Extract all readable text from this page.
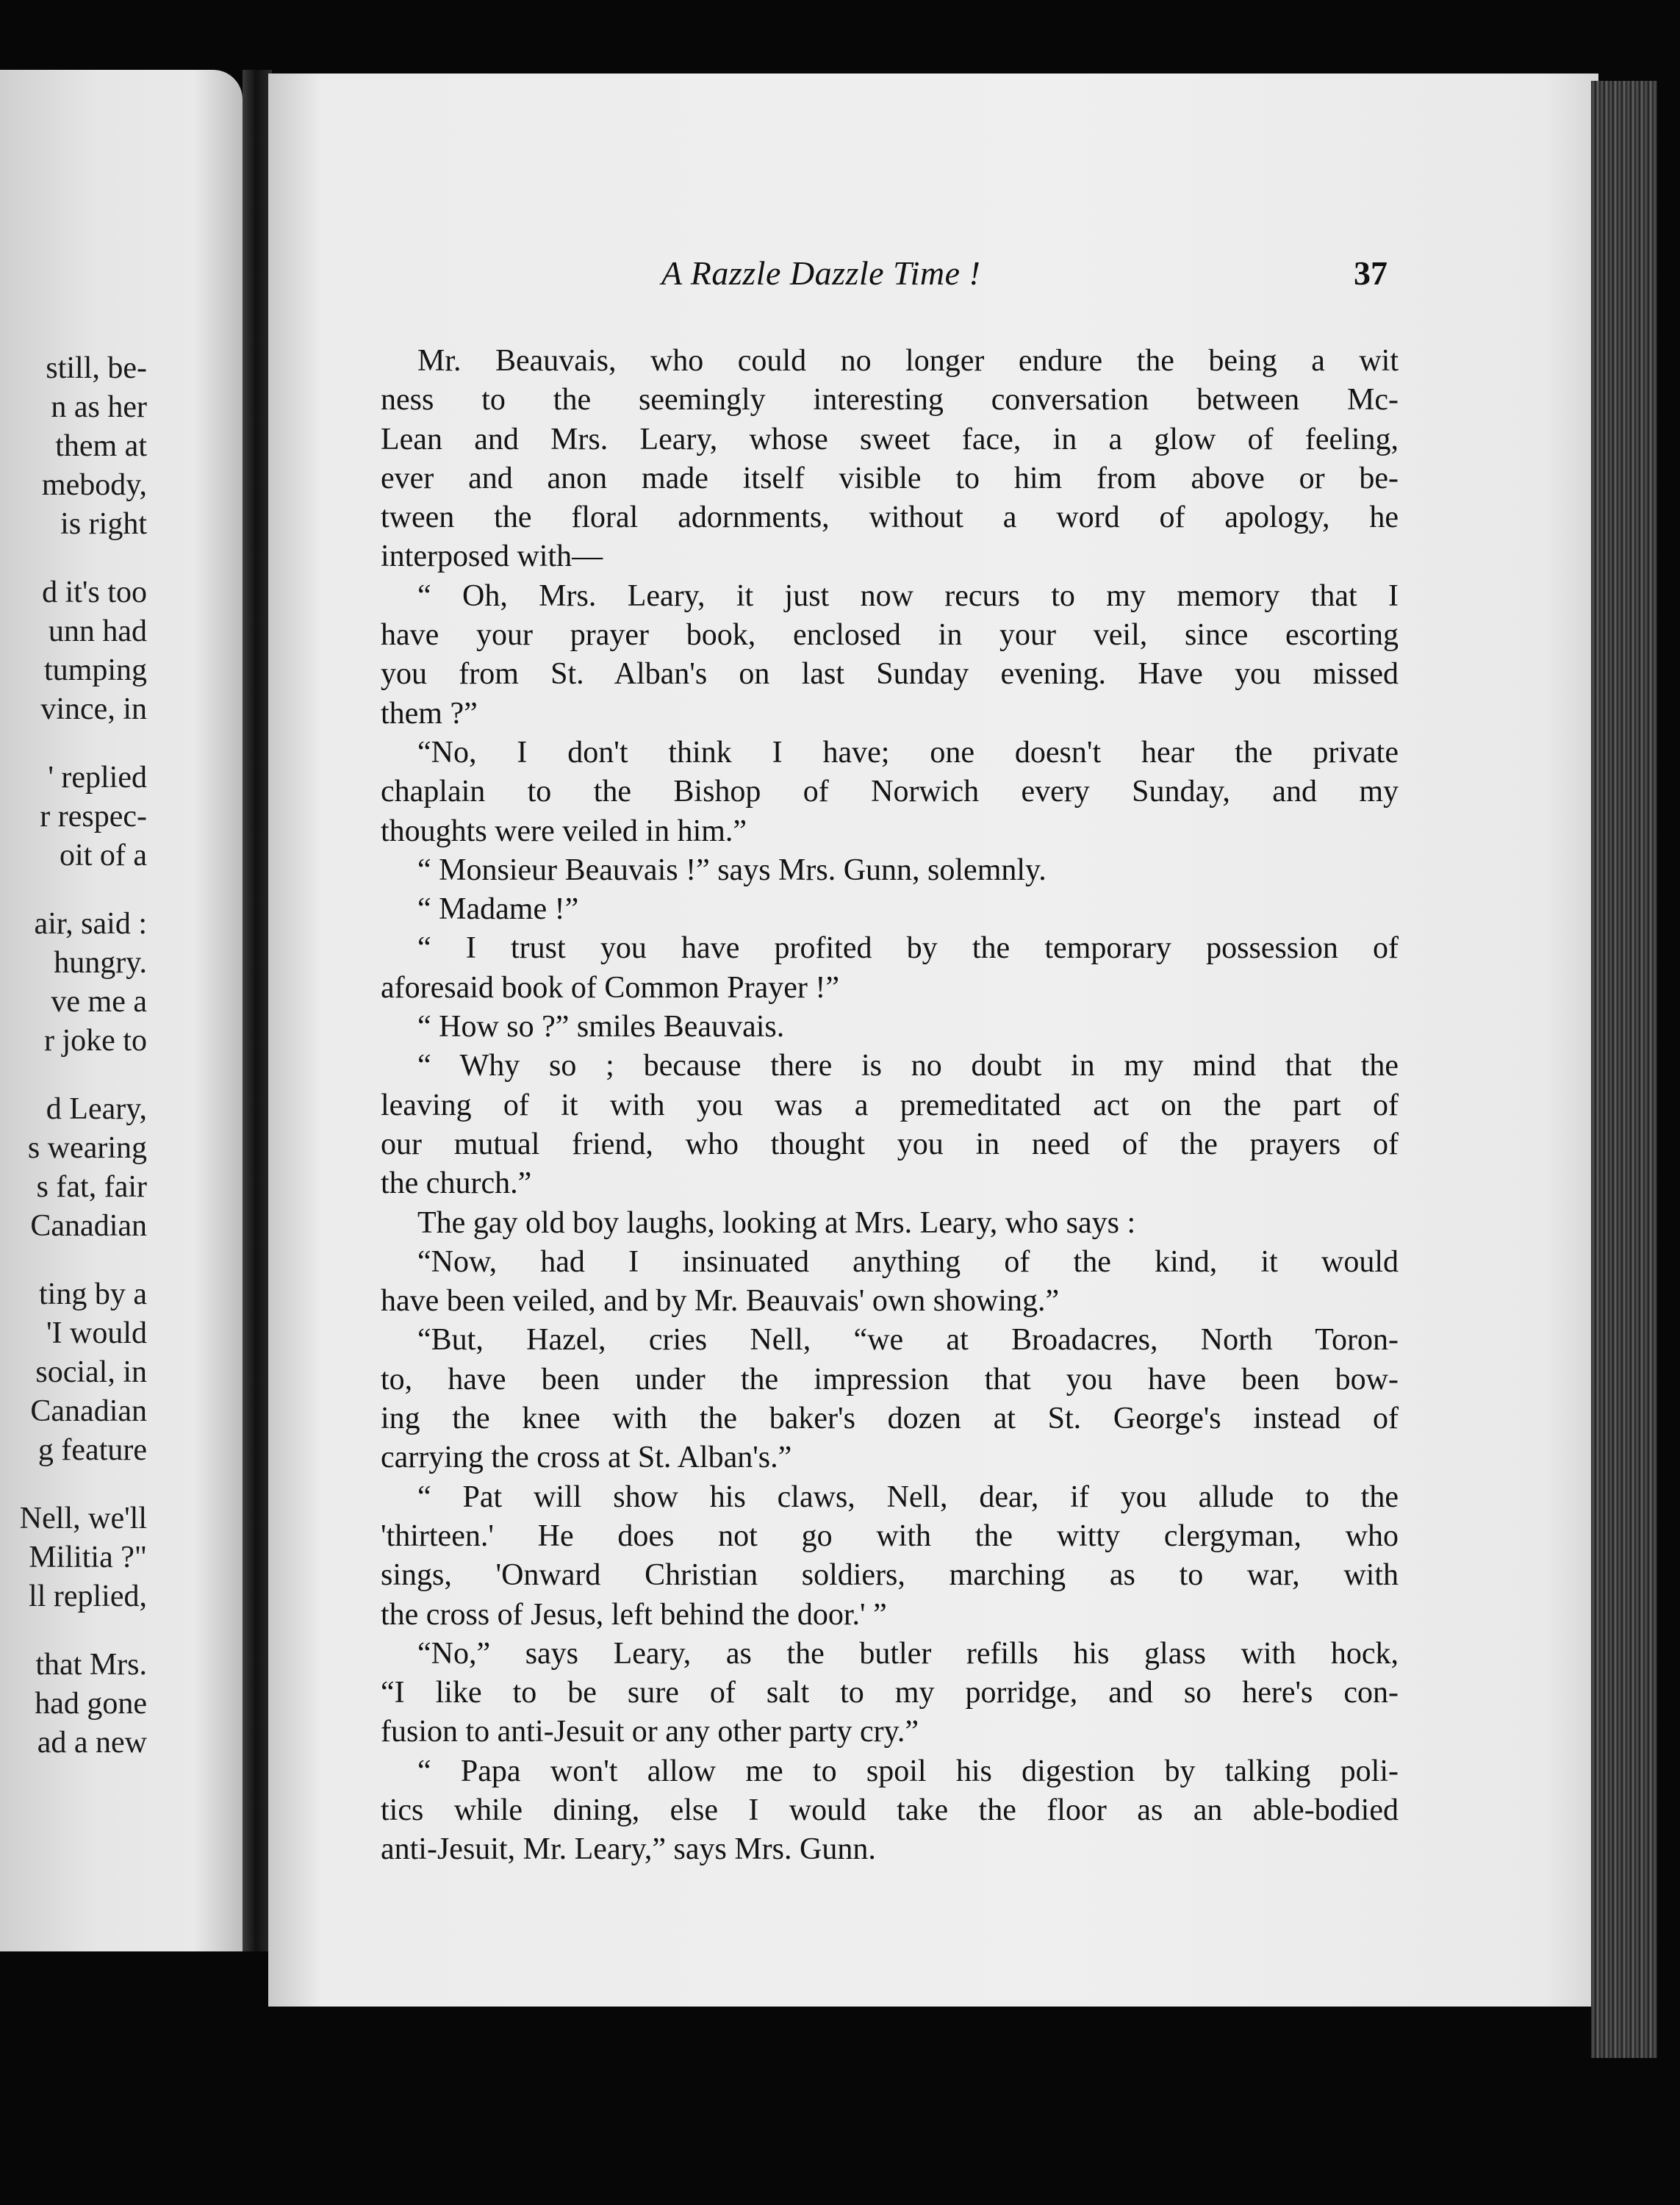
still, be-
n as her
them at
mebody,
is right
d it's too
unn had
tumping
vince, in
' replied
r respec-
oit of a
air, said :
hungry.
ve me a
r joke to
d Leary,
s wearing
s fat, fair
Canadian
ting by a
'I would
social, in
Canadian
g feature
Nell, we'll
Militia ?"
ll replied,
that Mrs.
had gone
ad a new
A Razzle Dazzle Time !	37
Mr. Beauvais, who could no longer endure the being a wit
ness to the seemingly interesting conversation between Mc-
Lean and Mrs. Leary, whose sweet face, in a glow of feeling,
ever and anon made itself visible to him from above or be-
tween the floral adornments, without a word of apology, he
interposed with—
“ Oh, Mrs. Leary, it just now recurs to my memory that I
have your prayer book, enclosed in your veil, since escorting
you from St. Alban's on last Sunday evening. Have you missed
them ?”
“No, I don't think I have; one doesn't hear the private
chaplain to the Bishop of Norwich every Sunday, and my
thoughts were veiled in him.”
“ Monsieur Beauvais !” says Mrs. Gunn, solemnly.
“ Madame !”
“ I trust you have profited by the temporary possession of
aforesaid book of Common Prayer !”
“ How so ?” smiles Beauvais.
“ Why so ; because there is no doubt in my mind that the
leaving of it with you was a premeditated act on the part of
our mutual friend, who thought you in need of the prayers of
the church.”
The gay old boy laughs, looking at Mrs. Leary, who says :
“Now, had I insinuated anything of the kind, it would
have been veiled, and by Mr. Beauvais' own showing.”
“But, Hazel, cries Nell, “we at Broadacres, North Toron-
to, have been under the impression that you have been bow-
ing the knee with the baker's dozen at St. George's instead of
carrying the cross at St. Alban's.”
“ Pat will show his claws, Nell, dear, if you allude to the
'thirteen.' He does not go with the witty clergyman, who
sings, 'Onward Christian soldiers, marching as to war, with
the cross of Jesus, left behind the door.' ”
“No,” says Leary, as the butler refills his glass with hock,
“I like to be sure of salt to my porridge, and so here's con-
fusion to anti-Jesuit or any other party cry.”
“ Papa won't allow me to spoil his digestion by talking poli-
tics while dining, else I would take the floor as an able-bodied
anti-Jesuit, Mr. Leary,” says Mrs. Gunn.
